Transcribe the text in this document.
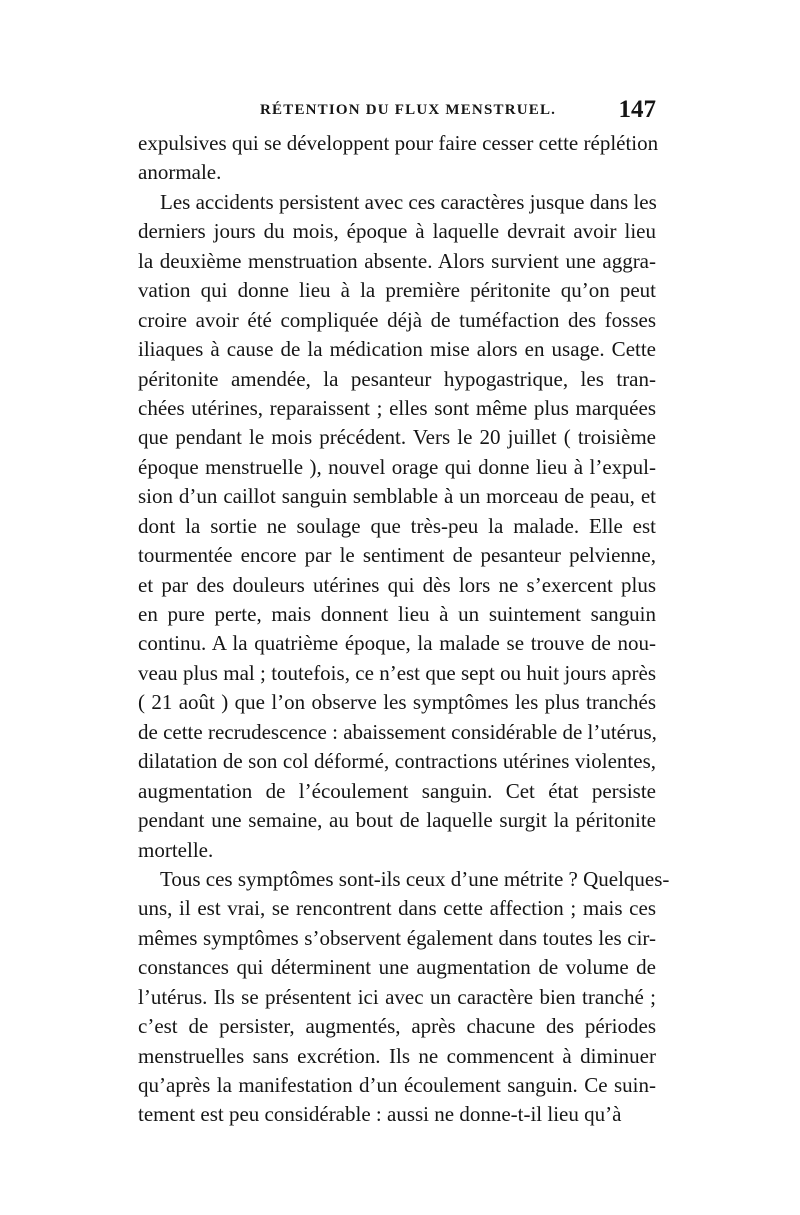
RÉTENTION DU FLUX MENSTRUEL. 147
expulsives qui se développent pour faire cesser cette réplétion
anormale.
Les accidents persistent avec ces caractères jusque dans les
derniers jours du mois, époque à laquelle devrait avoir lieu
la deuxième menstruation absente. Alors survient une aggra-
vation qui donne lieu à la première péritonite qu’on peut
croire avoir été compliquée déjà de tuméfaction des fosses
iliaques à cause de la médication mise alors en usage. Cette
péritonite amendée, la pesanteur hypogastrique, les tran-
chées utérines, reparaissent ; elles sont même plus marquées
que pendant le mois précédent. Vers le 20 juillet ( troisième
époque menstruelle ), nouvel orage qui donne lieu à l’expul-
sion d’un caillot sanguin semblable à un morceau de peau, et
dont la sortie ne soulage que très-peu la malade. Elle est
tourmentée encore par le sentiment de pesanteur pelvienne,
et par des douleurs utérines qui dès lors ne s’exercent plus
en pure perte, mais donnent lieu à un suintement sanguin
continu. A la quatrième époque, la malade se trouve de nou-
veau plus mal ; toutefois, ce n’est que sept ou huit jours après
( 21 août ) que l’on observe les symptômes les plus tranchés
de cette recrudescence : abaissement considérable de l’utérus,
dilatation de son col déformé, contractions utérines violentes,
augmentation de l’écoulement sanguin. Cet état persiste
pendant une semaine, au bout de laquelle surgit la péritonite
mortelle.
Tous ces symptômes sont-ils ceux d’une métrite ? Quelques-
uns, il est vrai, se rencontrent dans cette affection ; mais ces
mêmes symptômes s’observent également dans toutes les cir-
constances qui déterminent une augmentation de volume de
l’utérus. Ils se présentent ici avec un caractère bien tranché ;
c’est de persister, augmentés, après chacune des périodes
menstruelles sans excrétion. Ils ne commencent à diminuer
qu’après la manifestation d’un écoulement sanguin. Ce suin-
tement est peu considérable : aussi ne donne-t-il lieu qu’à
